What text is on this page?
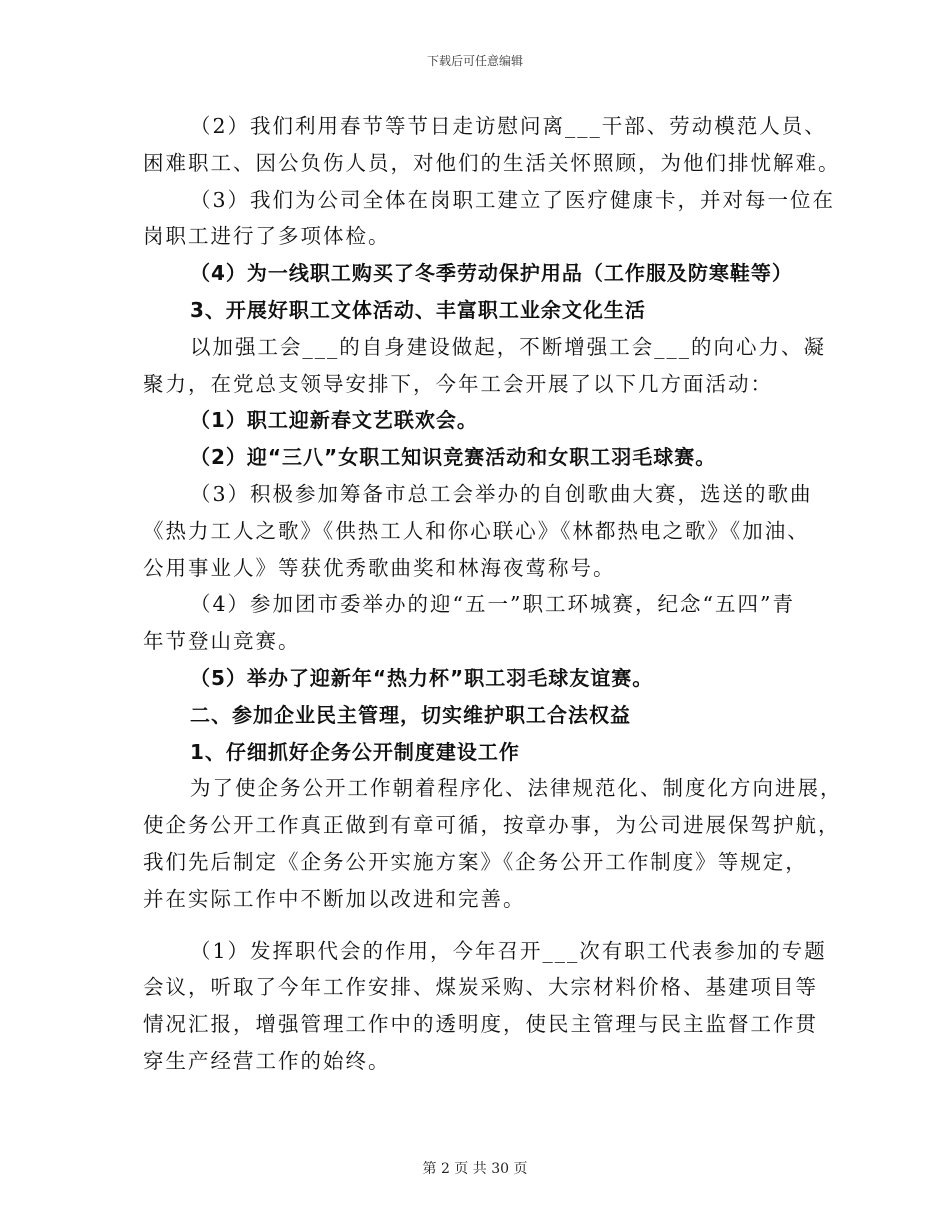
下载后可任意编辑
（2）我们利用春节等节日走访慰问离___干部、劳动模范人员、
困难职工、因公负伤人员，对他们的生活关怀照顾，为他们排忧解难。
（3）我们为公司全体在岗职工建立了医疗健康卡，并对每一位在
岗职工进行了多项体检。
（4）为一线职工购买了冬季劳动保护用品（工作服及防寒鞋等）
3、开展好职工文体活动、丰富职工业余文化生活
以加强工会___的自身建设做起，不断增强工会___的向心力、凝
聚力，在党总支领导安排下，今年工会开展了以下几方面活动：
（1）职工迎新春文艺联欢会。
（2）迎“三八”女职工知识竞赛活动和女职工羽毛球赛。
（3）积极参加筹备市总工会举办的自创歌曲大赛，选送的歌曲
《热力工人之歌》《供热工人和你心联心》《林都热电之歌》《加油、
公用事业人》等获优秀歌曲奖和林海夜莺称号。
（4）参加团市委举办的迎“五一”职工环城赛，纪念“五四”青
年节登山竞赛。
（5）举办了迎新年“热力杯”职工羽毛球友谊赛。
二、参加企业民主管理，切实维护职工合法权益
1、仔细抓好企务公开制度建设工作
为了使企务公开工作朝着程序化、法律规范化、制度化方向进展，
使企务公开工作真正做到有章可循，按章办事，为公司进展保驾护航，
我们先后制定《企务公开实施方案》《企务公开工作制度》等规定，
并在实际工作中不断加以改进和完善。
（1）发挥职代会的作用，今年召开___次有职工代表参加的专题
会议，听取了今年工作安排、煤炭采购、大宗材料价格、基建项目等
情况汇报，增强管理工作中的透明度，使民主管理与民主监督工作贯
穿生产经营工作的始终。
第 2 页 共 30 页
